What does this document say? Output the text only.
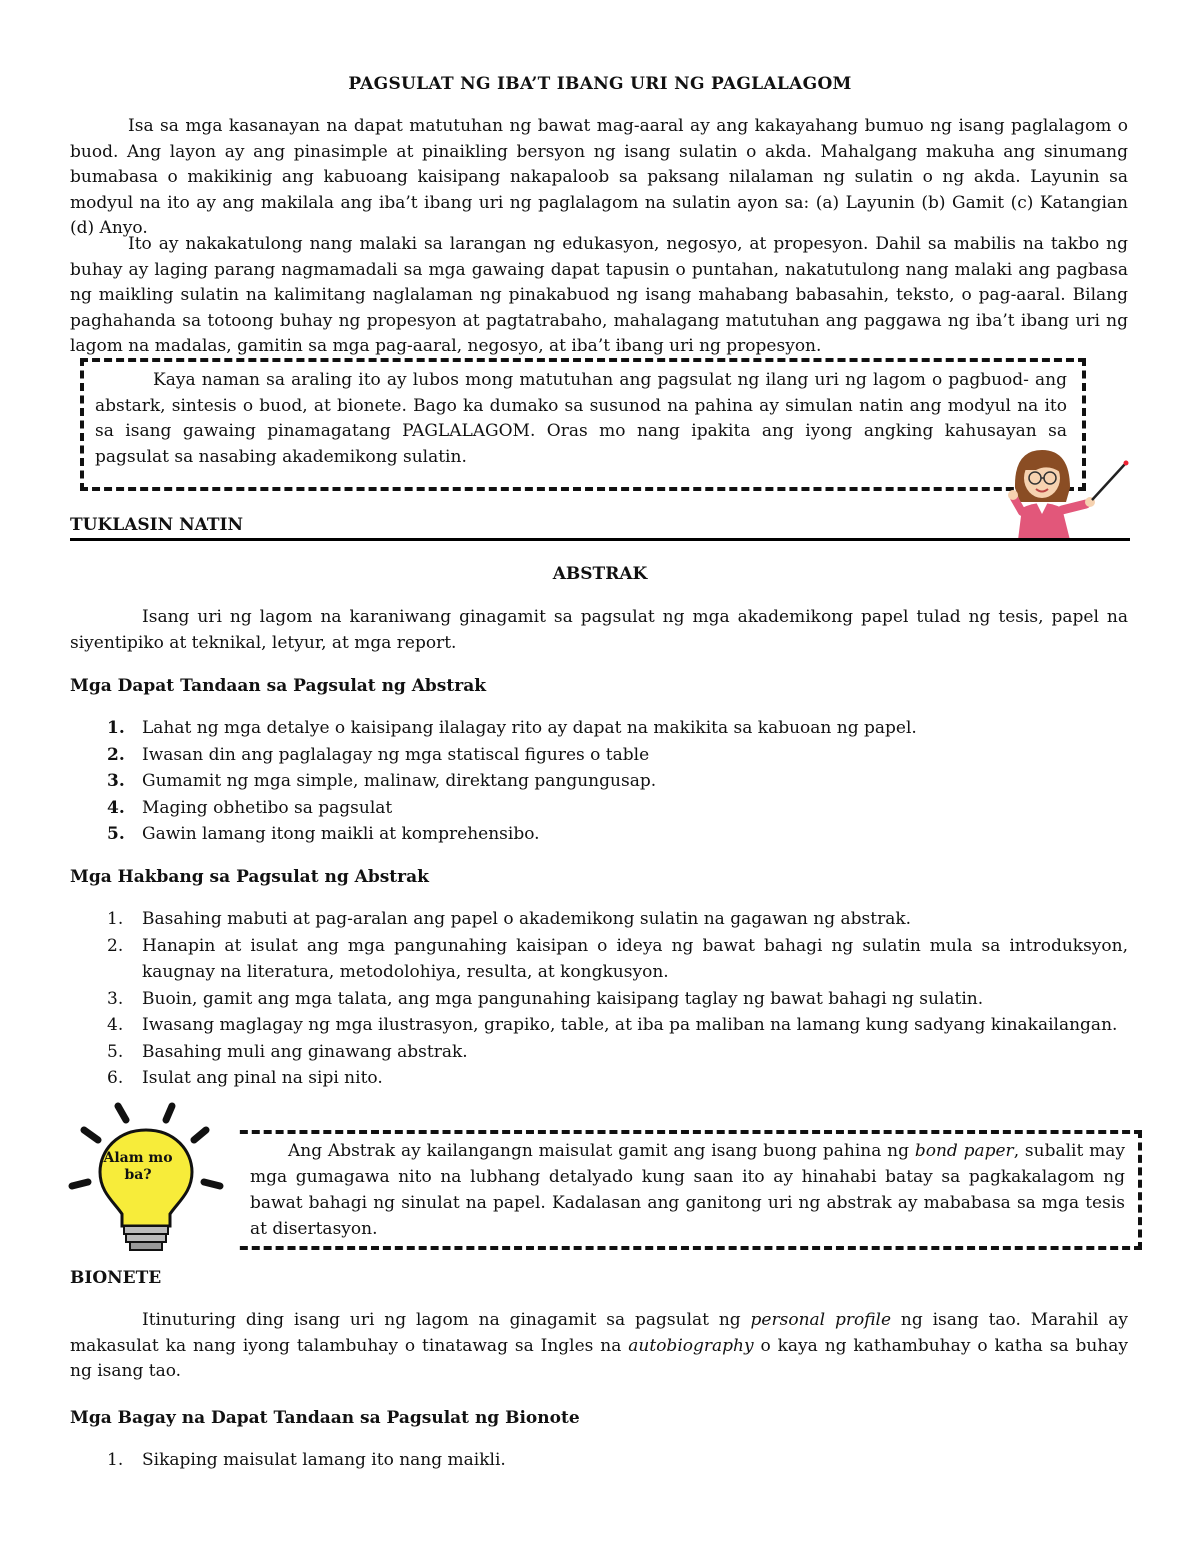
PAGSULAT NG IBA’T IBANG URI NG PAGLALAGOM
Isa sa mga kasanayan na dapat matutuhan ng bawat mag-aaral ay ang kakayahang bumuo ng isang paglalagom o buod. Ang layon ay ang pinasimple at pinaikling bersyon ng isang sulatin o akda. Mahalgang makuha ang sinumang bumabasa o makikinig ang kabuoang kaisipang nakapaloob sa paksang nilalaman ng sulatin o ng akda. Layunin sa modyul na ito ay ang makilala ang iba’t ibang uri ng paglalagom na sulatin ayon sa: (a) Layunin (b) Gamit (c) Katangian (d) Anyo.
Ito ay nakakatulong nang malaki sa larangan ng edukasyon, negosyo, at propesyon. Dahil sa mabilis na takbo ng buhay ay laging parang nagmamadali sa mga gawaing dapat tapusin o puntahan, nakatutulong nang malaki ang pagbasa ng maikling sulatin na kalimitang naglalaman ng pinakabuod ng isang mahabang babasahin, teksto, o pag-aaral. Bilang paghahanda sa totoong buhay ng propesyon at pagtatrabaho, mahalagang matutuhan ang paggawa ng iba’t ibang uri ng lagom na madalas, gamitin sa mga pag-aaral, negosyo, at iba’t ibang uri ng propesyon.
Kaya naman sa araling ito ay lubos mong matutuhan ang pagsulat ng ilang uri ng lagom o pagbuod- ang abstark, sintesis o buod, at bionete. Bago ka dumako sa susunod na pahina ay simulan natin ang modyul na ito sa isang gawaing pinamagatang PAGLALAGOM. Oras mo nang ipakita ang iyong angking kahusayan sa pagsulat sa nasabing akademikong sulatin.
TUKLASIN NATIN
ABSTRAK
Isang uri ng lagom na karaniwang ginagamit sa pagsulat ng mga akademikong papel tulad ng tesis, papel na siyentipiko at teknikal, letyur, at mga report.
Mga Dapat Tandaan sa Pagsulat ng Abstrak
1. Lahat ng mga detalye o kaisipang ilalagay rito ay dapat na makikita sa kabuoan ng papel.
2. Iwasan din ang paglalagay ng mga statiscal figures o table
3. Gumamit ng mga simple, malinaw, direktang pangungusap.
4. Maging obhetibo sa pagsulat
5. Gawin lamang itong maikli at komprehensibo.
Mga Hakbang sa Pagsulat ng Abstrak
1. Basahing mabuti at pag-aralan ang papel o akademikong sulatin na gagawan ng abstrak.
2. Hanapin at isulat ang mga pangunahing kaisipan o ideya ng bawat bahagi ng sulatin mula sa introduksyon, kaugnay na literatura, metodolohiya, resulta, at kongkusyon.
3. Buoin, gamit ang mga talata, ang mga pangunahing kaisipang taglay ng bawat bahagi ng sulatin.
4. Iwasang maglagay ng mga ilustrasyon, grapiko, table, at iba pa maliban na lamang kung sadyang kinakailangan.
5. Basahing muli ang ginawang abstrak.
6. Isulat ang pinal na sipi nito.
Ang Abstrak ay kailangangn maisulat gamit ang isang buong pahina ng bond paper, subalit may mga gumagawa nito na lubhang detalyado kung saan ito ay hinahabi batay sa pagkakalagom ng bawat bahagi ng sinulat na papel. Kadalasan ang ganitong uri ng abstrak ay mababasa sa mga tesis at disertasyon.
Alam mo ba?
BIONETE
Itinuturing ding isang uri ng lagom na ginagamit sa pagsulat ng personal profile ng isang tao. Marahil ay makasulat ka nang iyong talambuhay o tinatawag sa Ingles na autobiography o kaya ng kathambuhay o katha sa buhay ng isang tao.
Mga Bagay na Dapat Tandaan sa Pagsulat ng Bionote
1. Sikaping maisulat lamang ito nang maikli.
